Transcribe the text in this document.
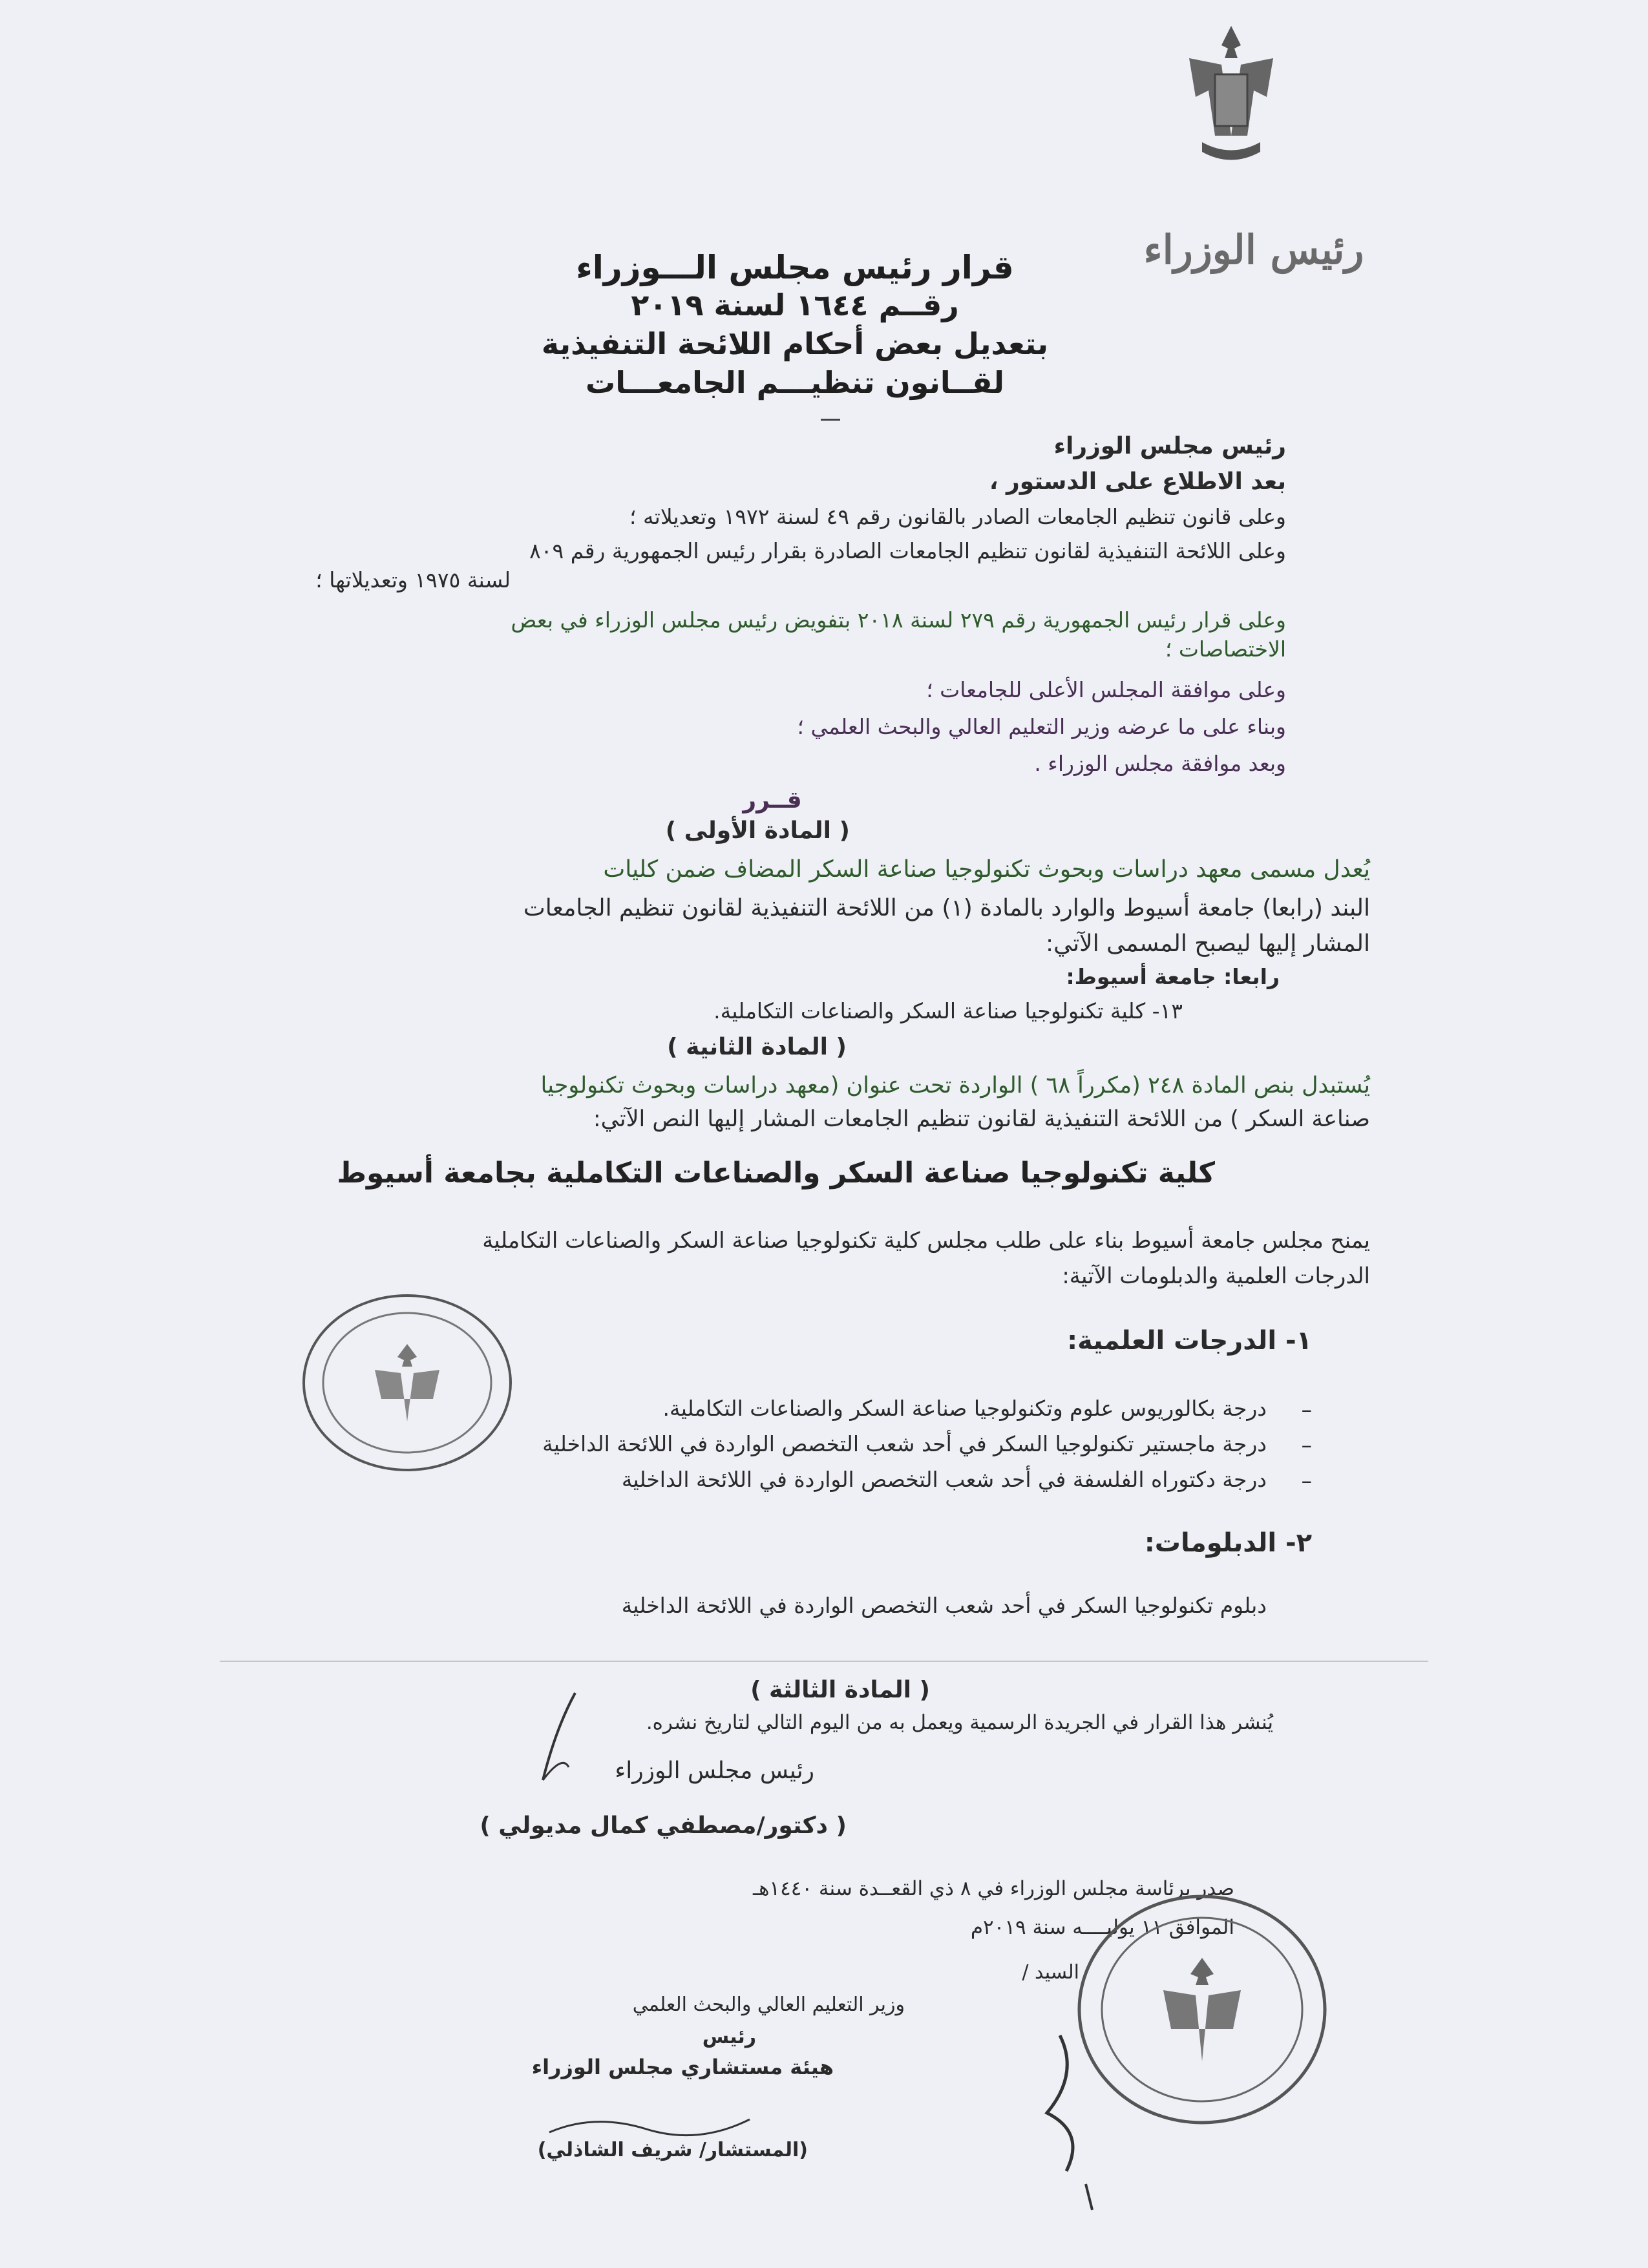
رئيس الوزراء
قرار رئيس مجلس الـــوزراء
رقــم ١٦٤٤ لسنة ٢٠١٩
بتعديل بعض أحكام اللائحة التنفيذية
لقــانون تنظيـــم الجامعـــات
رئيس مجلس الوزراء
بعد الاطلاع على الدستور ،
وعلى قانون تنظيم الجامعات الصادر بالقانون رقم ٤٩ لسنة ١٩٧٢ وتعديلاته ؛
وعلى اللائحة التنفيذية لقانون تنظيم الجامعات الصادرة بقرار رئيس الجمهورية رقم ٨٠٩
لسنة ١٩٧٥ وتعديلاتها ؛
وعلى قرار رئيس الجمهورية رقم ٢٧٩ لسنة ٢٠١٨ بتفويض رئيس مجلس الوزراء في بعض
الاختصاصات ؛
وعلى موافقة المجلس الأعلى للجامعات ؛
وبناء على ما عرضه وزير التعليم العالي والبحث العلمي ؛
وبعد موافقة مجلس الوزراء .
قــرر
( المادة الأولى )
يُعدل مسمى معهد دراسات وبحوث تكنولوجيا صناعة السكر المضاف ضمن كليات
البند (رابعا) جامعة أسيوط والوارد بالمادة (١) من اللائحة التنفيذية لقانون تنظيم الجامعات
المشار إليها ليصبح المسمى الآتي:
رابعا: جامعة أسيوط:
١٣- كلية تكنولوجيا صناعة السكر والصناعات التكاملية.
( المادة الثانية )
يُستبدل بنص المادة ٢٤٨ (مكرراً ٦٨ ) الواردة تحت عنوان (معهد دراسات وبحوث تكنولوجيا
صناعة السكر ) من اللائحة التنفيذية لقانون تنظيم الجامعات المشار إليها النص الآتي:
كلية تكنولوجيا صناعة السكر والصناعات التكاملية بجامعة أسيوط
يمنح مجلس جامعة أسيوط بناء على طلب مجلس كلية تكنولوجيا صناعة السكر والصناعات التكاملية
الدرجات العلمية والدبلومات الآتية:
١- الدرجات العلمية:
–
درجة بكالوريوس علوم وتكنولوجيا صناعة السكر والصناعات التكاملية.
–
درجة ماجستير تكنولوجيا السكر في أحد شعب التخصص الواردة في اللائحة الداخلية
–
درجة دكتوراه الفلسفة في أحد شعب التخصص الواردة في اللائحة الداخلية
٢- الدبلومات:
دبلوم تكنولوجيا السكر في أحد شعب التخصص الواردة في اللائحة الداخلية
( المادة الثالثة )
يُنشر هذا القرار في الجريدة الرسمية ويعمل به من اليوم التالي لتاريخ نشره.
رئيس مجلس الوزراء
( دكتور/مصطفي كمال مديولي )
صدر برئاسة مجلس الوزراء في ٨ ذي القعــدة سنة ١٤٤٠هـ
الموافق ١١ يوليــــه سنة ٢٠١٩م
السيد /
وزير التعليم العالي والبحث العلمي
رئيس
هيئة مستشاري مجلس الوزراء
(المستشار/ شريف الشاذلي)
